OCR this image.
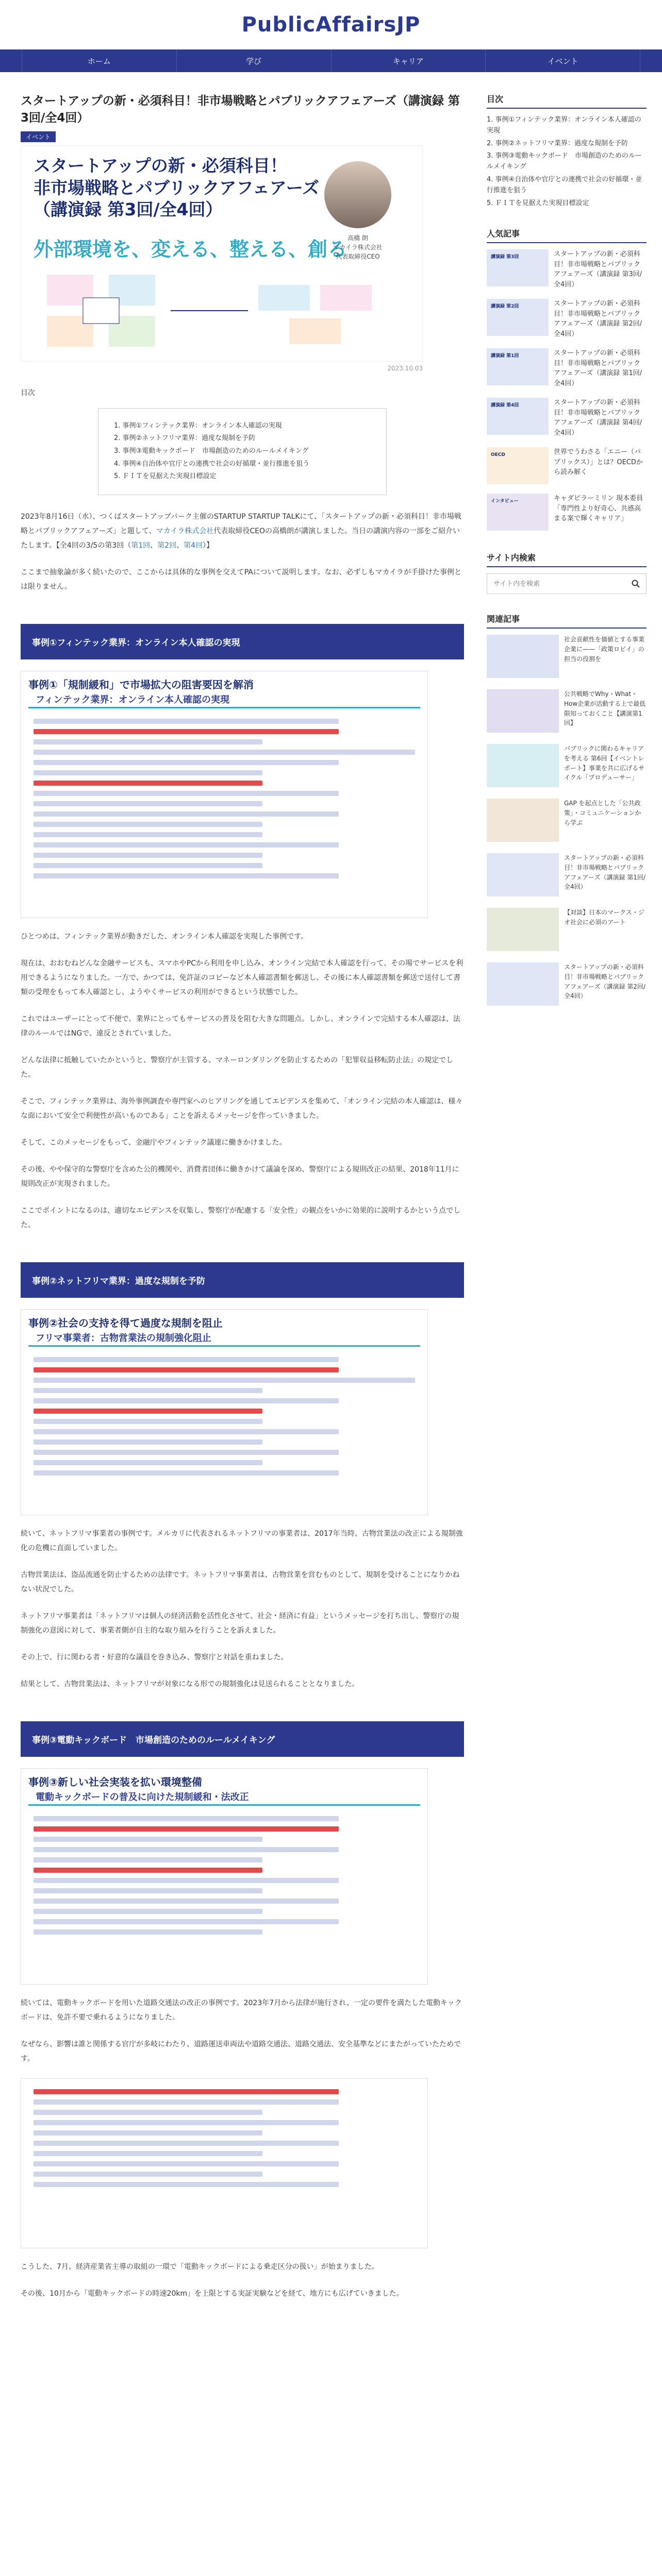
PublicAffairsJP
ホーム	学び	キャリア	イベント
スタートアップの新・必須科目！非市場戦略とパブリックアフェアーズ（講演録 第3回/全4回）
イベント
スタートアップの新・必須科目！
非市場戦略とパブリックアフェアーズ
（講演録 第3回/全4回）
外部環境を、変える、整える、創る 高橋 朗
マカイラ株式会社
代表取締役CEO
2023.10.03
目次
1. 事例①フィンテック業界：オンライン本人確認の実現
2. 事例②ネットフリマ業界：過度な規制を予防
3. 事例③電動キックボード　市場創造のためのルールメイキング
4. 事例④自治体や官庁との連携で社会の好循環・並行推進を狙う
5. ＦＩＴを見据えた実現目標設定

2023年8月16日（水）、つくばスタートアップパーク主催のSTARTUP STARTUP TALKにて、「スタートアップの新・必須科目！非市場戦略とパブリックアフェアーズ」と題して、マカイラ株式会社代表取締役CEOの高橋朗が講演しました。当日の講演内容の一部をご紹介いたします。【全4回の3/5の第3回（第1回、第2回、第4回）】

ここまで抽象論が多く続いたので、ここからは具体的な事例を交えてPAについて説明します。なお、必ずしもマカイラが手掛けた事例とは限りません。

事例①フィンテック業界：オンライン本人確認の実現
事例①「規制緩和」で市場拡大の阻害要因を解消
フィンテック業界：オンライン本人確認の実現

ひとつめは、フィンテック業界が動きだした、オンライン本人確認を実現した事例です。

現在は、おおむねどんな金融サービスも、スマホやPCから利用を申し込み、オンライン完結で本人確認を行って、その場でサービスを利用できるようになりました。一方で、かつては、免許証のコピーなど本人確認書類を郵送し、その後に本人確認書類を郵送で送付して書類の受理をもって本人確認とし、ようやくサービスの利用ができるという状態でした。

これではユーザーにとって不便で、業界にとってもサービスの普及を阻む大きな問題点。しかし、オンラインで完結する本人確認は、法律のルールではNGで、違反とされていました。

どんな法律に抵触していたかというと、警察庁が主管する、マネーロンダリングを防止するための「犯罪収益移転防止法」の規定でした。

そこで、フィンテック業界は、海外事例調査や専門家へのヒアリングを通してエビデンスを集めて、「オンライン完結の本人確認は、様々な面において安全で利便性が高いものである」ことを訴えるメッセージを作っていきました。

そして、このメッセージをもって、金融庁やフィンテック議連に働きかけました。

その後、やや保守的な警察庁を含めた公的機関や、消費者団体に働きかけて議論を深め、警察庁による規則改正の結果、2018年11月に規則改正が実現されました。

ここでポイントになるのは、適切なエビデンスを収集し、警察庁が配慮する「安全性」の観点をいかに効果的に説明するかという点でした。

事例②ネットフリマ業界：過度な規制を予防
事例②社会の支持を得て過度な規制を阻止
フリマ事業者：古物営業法の規制強化阻止

続いて、ネットフリマ事業者の事例です。メルカリに代表されるネットフリマの事業者は、2017年当時、古物営業法の改正による規制強化の危機に直面していました。

古物営業法は、盗品流通を防止するための法律です。ネットフリマ事業者は、古物営業を営むものとして、規制を受けることになりかねない状況でした。

ネットフリマ事業者は「ネットフリマは個人の経済活動を活性化させて、社会・経済に有益」というメッセージを打ち出し、警察庁の規制強化の意図に対して、事業者側が自主的な取り組みを行うことを訴えました。

その上で、行に関わる者・好意的な議員を巻き込み、警察庁と対話を重ねました。

結果として、古物営業法は、ネットフリマが対象になる形での規制強化は見送られることとなりました。

事例③電動キックボード　市場創造のためのルールメイキング
事例③新しい社会実装を拡い環境整備
電動キックボードの普及に向けた規制緩和・法改正

続いては、電動キックボードを用いた道路交通法の改正の事例です。2023年7月から法律が施行され、一定の要件を満たした電動キックボードは、免許不要で乗れるようになりました。

なぜなら、影響は誰と関係する官庁が多岐にわたり、道路運送車両法や道路交通法、道路交通法、安全基準などにまたがっていたためです。

こうした、7月、経済産業省主導の取組の一環で「電動キックボードによる乗走区分の扱い」が始まりました。

その後、10月から「電動キックボードの時速20km」を上限とする実証実験などを経て、地方にも広げていきました。

目次
1. 事例①フィンテック業界：オンライン本人確認の実現
2. 事例②ネットフリマ業界：過度な規制を予防
3. 事例③電動キックボード　市場創造のためのルールメイキング
4. 事例④自治体や官庁との連携で社会の好循環・並行推進を狙う
5. ＦＩＴを見据えた実現目標設定
人気記事
講演録 第3回	スタートアップの新・必須科目！非市場戦略とパブリックアフェアーズ（講演録 第3回/全4回）
講演録 第2回	スタートアップの新・必須科目！非市場戦略とパブリックアフェアーズ（講演録 第2回/全4回）
講演録 第1回	スタートアップの新・必須科目！非市場戦略とパブリックアフェアーズ（講演録 第1回/全4回）
講演録 第4回	スタートアップの新・必須科目！非市場戦略とパブリックアフェアーズ（講演録 第4回/全4回）
OECD	世界でうわさる「エニー（パブリックス）」とは？OECDから読み解く
インタビュー	キャダピラーミリン 現本委員「専門性より好奇心、共感高まる案で輝くキャリア」
サイト内検索
サイト内を検索
関連記事
社会貢献性を価値とする事業企業に——「政策ロビイ」の担当の役割を
公共戦略でWhy・What・How企業が活動する上で最低限知っておくこと【講演第1回】
パブリックに関わるキャリアを考える 第6回【イベントレポート】事業を共に広げるサイクル「プロデューサー」
GAP を起点とした「公共政策」・コミュニケーションから学ぶ
スタートアップの新・必須科目！非市場戦略とパブリックアフェアーズ（講演録 第1回/全4回）
【対談】日本のマークス・ジオ社会に必須のアート
スタートアップの新・必須科目！非市場戦略とパブリックアフェアーズ（講演録 第2回/全4回）
